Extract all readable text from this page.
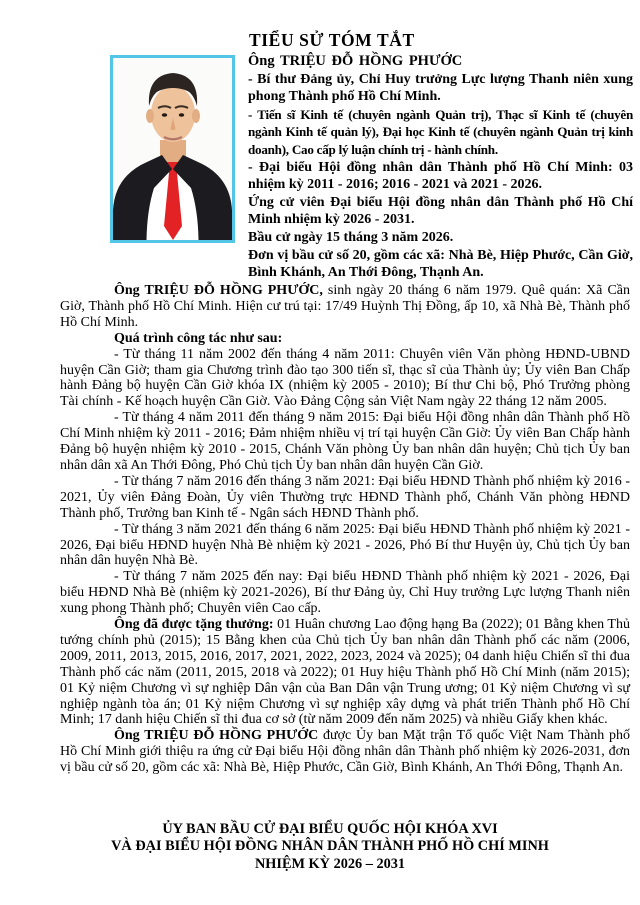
TIỂU SỬ TÓM TẮT

Ông TRIỆU ĐỖ HỒNG PHƯỚC

- Bí thư Đảng ủy, Chỉ Huy trưởng Lực lượng Thanh niên xung phong Thành phố Hồ Chí Minh.

- Tiến sĩ Kinh tế (chuyên ngành Quản trị), Thạc sĩ Kinh tế (chuyên ngành Kinh tế quản lý), Đại học Kinh tế (chuyên ngành Quản trị kinh doanh), Cao cấp lý luận chính trị - hành chính.

- Đại biểu Hội đồng nhân dân Thành phố Hồ Chí Minh: 03 nhiệm kỳ 2011 - 2016; 2016 - 2021 và 2021 - 2026.

Ứng cử viên Đại biểu Hội đồng nhân dân Thành phố Hồ Chí Minh nhiệm kỳ 2026 - 2031.

Bầu cử ngày 15 tháng 3 năm 2026.

Đơn vị bầu cử số 20, gồm các xã: Nhà Bè, Hiệp Phước, Cần Giờ, Bình Khánh, An Thới Đông, Thạnh An.

Ông TRIỆU ĐỖ HỒNG PHƯỚC, sinh ngày 20 tháng 6 năm 1979. Quê quán: Xã Cần Giờ, Thành phố Hồ Chí Minh. Hiện cư trú tại: 17/49 Huỳnh Thị Đồng, ấp 10, xã Nhà Bè, Thành phố Hồ Chí Minh.

Quá trình công tác như sau:

- Từ tháng 11 năm 2002 đến tháng 4 năm 2011: Chuyên viên Văn phòng HĐND-UBND huyện Cần Giờ; tham gia Chương trình đào tạo 300 tiến sĩ, thạc sĩ của Thành ủy; Ủy viên Ban Chấp hành Đảng bộ huyện Cần Giờ khóa IX (nhiệm kỳ 2005 - 2010); Bí thư Chi bộ, Phó Trưởng phòng Tài chính - Kế hoạch huyện Cần Giờ. Vào Đảng Cộng sản Việt Nam ngày 22 tháng 12 năm 2005.

- Từ tháng 4 năm 2011 đến tháng 9 năm 2015: Đại biểu Hội đồng nhân dân Thành phố Hồ Chí Minh nhiệm kỳ 2011 - 2016; Đảm nhiệm nhiều vị trí tại huyện Cần Giờ: Ủy viên Ban Chấp hành Đảng bộ huyện nhiệm kỳ 2010 - 2015, Chánh Văn phòng Ủy ban nhân dân huyện; Chủ tịch Ủy ban nhân dân xã An Thới Đông, Phó Chủ tịch Ủy ban nhân dân huyện Cần Giờ.

- Từ tháng 7 năm 2016 đến tháng 3 năm 2021: Đại biểu HĐND Thành phố nhiệm kỳ 2016 - 2021, Ủy viên Đảng Đoàn, Ủy viên Thường trực HĐND Thành phố, Chánh Văn phòng HĐND Thành phố, Trưởng ban Kinh tế - Ngân sách HĐND Thành phố.

- Từ tháng 3 năm 2021 đến tháng 6 năm 2025: Đại biểu HĐND Thành phố nhiệm kỳ 2021 - 2026, Đại biểu HĐND huyện Nhà Bè nhiệm kỳ 2021 - 2026, Phó Bí thư Huyện ủy, Chủ tịch Ủy ban nhân dân huyện Nhà Bè.

- Từ tháng 7 năm 2025 đến nay: Đại biểu HĐND Thành phố nhiệm kỳ 2021 - 2026, Đại biểu HĐND Nhà Bè (nhiệm kỳ 2021-2026), Bí thư Đảng ủy, Chỉ Huy trưởng Lực lượng Thanh niên xung phong Thành phố; Chuyên viên Cao cấp.

Ông đã được tặng thưởng: 01 Huân chương Lao động hạng Ba (2022); 01 Bằng khen Thủ tướng chính phủ (2015); 15 Bằng khen của Chủ tịch Ủy ban nhân dân Thành phố các năm (2006, 2009, 2011, 2013, 2015, 2016, 2017, 2021, 2022, 2023, 2024 và 2025); 04 danh hiệu Chiến sĩ thi đua Thành phố các năm (2011, 2015, 2018 và 2022); 01 Huy hiệu Thành phố Hồ Chí Minh (năm 2015); 01 Kỷ niệm Chương vì sự nghiệp Dân vận của Ban Dân vận Trung ương; 01 Kỷ niệm Chương vì sự nghiệp ngành tòa án; 01 Kỷ niệm Chương vì sự nghiệp xây dựng và phát triển Thành phố Hồ Chí Minh; 17 danh hiệu Chiến sĩ thi đua cơ sở (từ năm 2009 đến năm 2025) và nhiều Giấy khen khác.

Ông TRIỆU ĐỖ HỒNG PHƯỚC được Ủy ban Mặt trận Tổ quốc Việt Nam Thành phố Hồ Chí Minh giới thiệu ra ứng cử Đại biểu Hội đồng nhân dân Thành phố nhiệm kỳ 2026-2031, đơn vị bầu cử số 20, gồm các xã: Nhà Bè, Hiệp Phước, Cần Giờ, Bình Khánh, An Thới Đông, Thạnh An.

ỦY BAN BẦU CỬ ĐẠI BIỂU QUỐC HỘI KHÓA XVI
VÀ ĐẠI BIỂU HỘI ĐỒNG NHÂN DÂN THÀNH PHỐ HỒ CHÍ MINH
NHIỆM KỲ 2026 – 2031
